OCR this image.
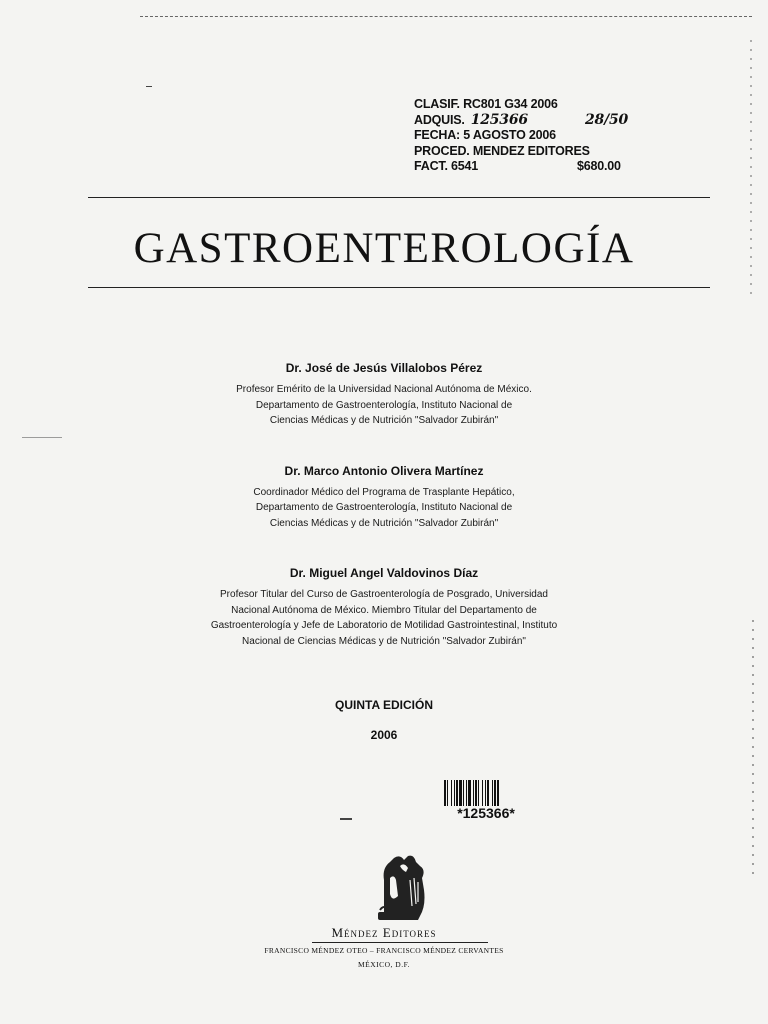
CLASIF. RC801 G34 2006
ADQUIS. 125366	28/50
FECHA: 5 AGOSTO 2006
PROCED. MENDEZ EDITORES
FACT. 6541	$680.00
GASTROENTEROLOGÍA
Dr. José de Jesús Villalobos Pérez
Profesor Emérito de la Universidad Nacional Autónoma de México.
Departamento de Gastroenterología, Instituto Nacional de
Ciencias Médicas y de Nutrición "Salvador Zubirán"
Dr. Marco Antonio Olivera Martínez
Coordinador Médico del Programa de Trasplante Hepático,
Departamento de Gastroenterología, Instituto Nacional de
Ciencias Médicas y de Nutrición "Salvador Zubirán"
Dr. Miguel Angel Valdovinos Díaz
Profesor Titular del Curso de Gastroenterología de Posgrado, Universidad
Nacional Autónoma de México. Miembro Titular del Departamento de
Gastroenterología y Jefe de Laboratorio de Motilidad Gastrointestinal, Instituto
Nacional de Ciencias Médicas y de Nutrición "Salvador Zubirán"
QUINTA EDICIÓN
2006
*125366*
Méndez Editores
FRANCISCO MÉNDEZ OTEO – FRANCISCO MÉNDEZ CERVANTES
MÉXICO, D.F.
